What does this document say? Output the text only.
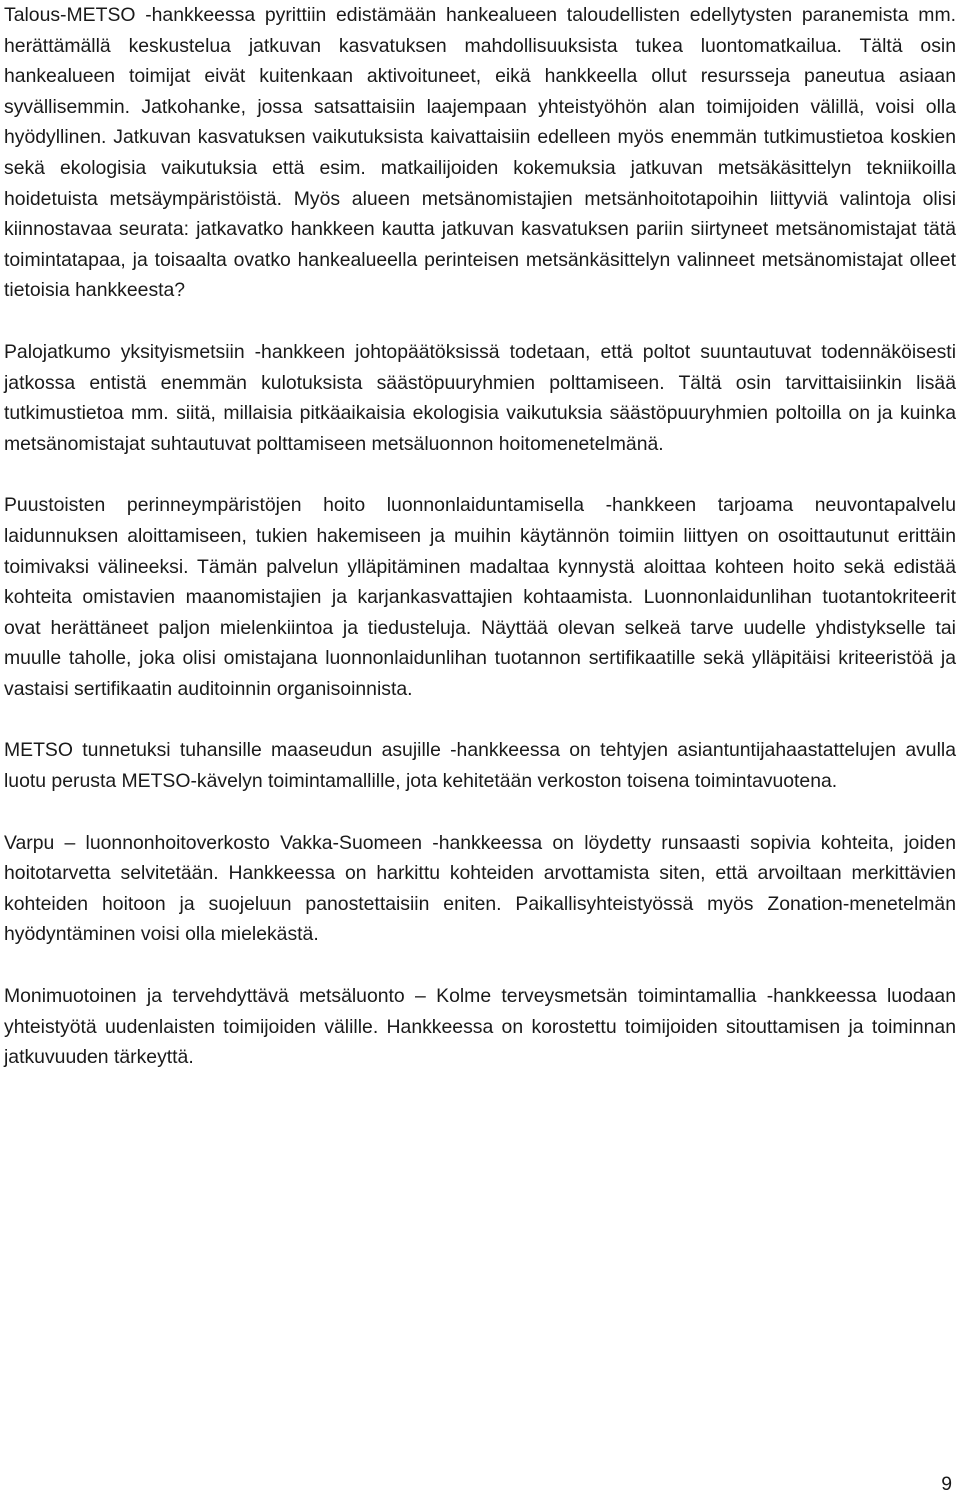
Talous-METSO -hankkeessa pyrittiin edistämään hankealueen taloudellisten edellytysten paranemista mm. herättämällä keskustelua jatkuvan kasvatuksen mahdollisuuksista tukea luontomatkailua. Tältä osin hankealueen toimijat eivät kuitenkaan aktivoituneet, eikä hankkeella ollut resursseja paneutua asiaan syvällisemmin. Jatkohanke, jossa satsattaisiin laajempaan yhteistyöhön alan toimijoiden välillä, voisi olla hyödyllinen. Jatkuvan kasvatuksen vaikutuksista kaivattaisiin edelleen myös enemmän tutkimustietoa koskien sekä ekologisia vaikutuksia että esim. matkailijoiden kokemuksia jatkuvan metsäkäsittelyn tekniikoilla hoidetuista metsäympäristöistä. Myös alueen metsänomistajien metsänhoitotapoihin liittyviä valintoja olisi kiinnostavaa seurata: jatkavatko hankkeen kautta jatkuvan kasvatuksen pariin siirtyneet metsänomistajat tätä toimintatapaa, ja toisaalta ovatko hankealueella perinteisen metsänkäsittelyn valinneet metsänomistajat olleet tietoisia hankkeesta?

Palojatkumo yksityismetsiin -hankkeen johtopäätöksissä todetaan, että poltot suuntautuvat todennäköisesti jatkossa entistä enemmän kulotuksista säästöpuuryhmien polttamiseen. Tältä osin tarvittaisiinkin lisää tutkimustietoa mm. siitä, millaisia pitkäaikaisia ekologisia vaikutuksia säästöpuuryhmien poltoilla on ja kuinka metsänomistajat suhtautuvat polttamiseen metsäluonnon hoitomenetelmänä.

Puustoisten perinneympäristöjen hoito luonnonlaiduntamisella -hankkeen tarjoama neuvontapalvelu laidunnuksen aloittamiseen, tukien hakemiseen ja muihin käytännön toimiin liittyen on osoittautunut erittäin toimivaksi välineeksi. Tämän palvelun ylläpitäminen madaltaa kynnystä aloittaa kohteen hoito sekä edistää kohteita omistavien maanomistajien ja karjankasvattajien kohtaamista. Luonnonlaidunlihan tuotantokriteerit ovat herättäneet paljon mielenkiintoa ja tiedusteluja. Näyttää olevan selkeä tarve uudelle yhdistykselle tai muulle taholle, joka olisi omistajana luonnonlaidunlihan tuotannon sertifikaatille sekä ylläpitäisi kriteeristöä ja vastaisi sertifikaatin auditoinnin organisoinnista.

METSO tunnetuksi tuhansille maaseudun asujille -hankkeessa on tehtyjen asiantuntijahaastattelujen avulla luotu perusta METSO-kävelyn toimintamallille, jota kehitetään verkoston toisena toimintavuotena.

Varpu – luonnonhoitoverkosto Vakka-Suomeen -hankkeessa on löydetty runsaasti sopivia kohteita, joiden hoitotarvetta selvitetään. Hankkeessa on harkittu kohteiden arvottamista siten, että arvoiltaan merkittävien kohteiden hoitoon ja suojeluun panostettaisiin eniten. Paikallisyhteistyössä myös Zonation-menetelmän hyödyntäminen voisi olla mielekästä.

Monimuotoinen ja tervehdyttävä metsäluonto – Kolme terveysmetsän toimintamallia -hankkeessa luodaan yhteistyötä uudenlaisten toimijoiden välille. Hankkeessa on korostettu toimijoiden sitouttamisen ja toiminnan jatkuvuuden tärkeyttä.

9
